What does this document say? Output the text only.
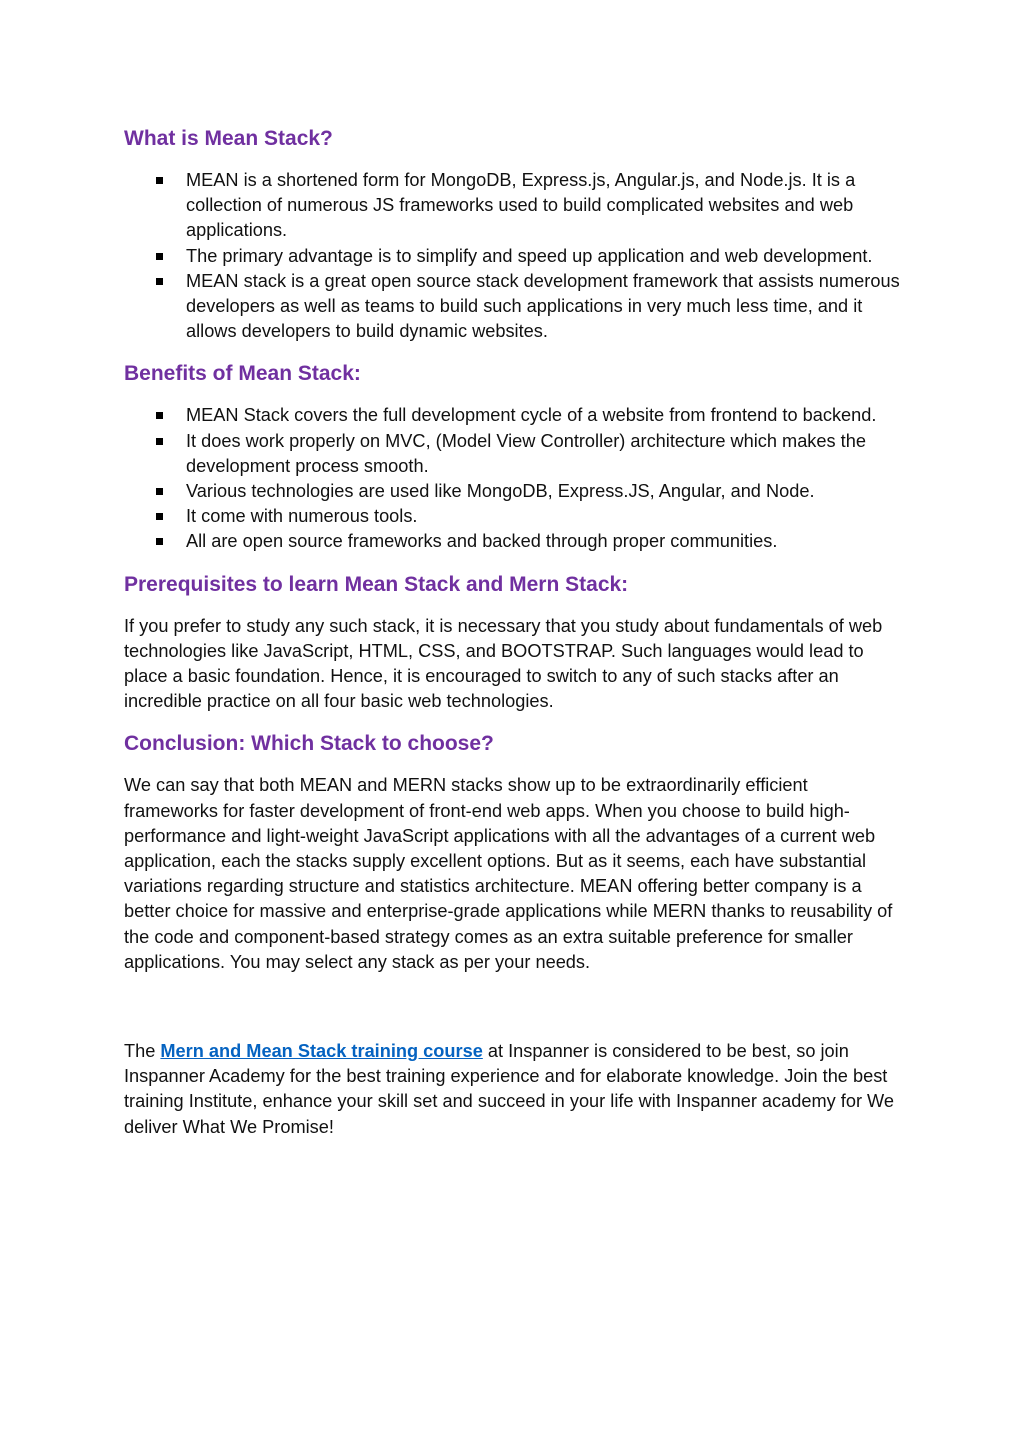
What is Mean Stack?
MEAN is a shortened form for MongoDB, Express.js, Angular.js, and Node.js. It is a collection of numerous JS frameworks used to build complicated websites and web applications.
The primary advantage is to simplify and speed up application and web development.
MEAN stack is a great open source stack development framework that assists numerous developers as well as teams to build such applications in very much less time, and it allows developers to build dynamic websites.
Benefits of Mean Stack:
MEAN Stack covers the full development cycle of a website from frontend to backend.
It does work properly on MVC, (Model View Controller) architecture which makes the development process smooth.
Various technologies are used like MongoDB, Express.JS, Angular, and Node.
It come with numerous tools.
All are open source frameworks and backed through proper communities.
Prerequisites to learn Mean Stack and Mern Stack:

If you prefer to study any such stack, it is necessary that you study about fundamentals of web technologies like JavaScript, HTML, CSS, and BOOTSTRAP. Such languages would lead to place a basic foundation. Hence, it is encouraged to switch to any of such stacks after an incredible practice on all four basic web technologies.

Conclusion: Which Stack to choose?

We can say that both MEAN and MERN stacks show up to be extraordinarily efficient frameworks for faster development of front-end web apps. When you choose to build high-performance and light-weight JavaScript applications with all the advantages of a current web application, each the stacks supply excellent options. But as it seems, each have substantial variations regarding structure and statistics architecture. MEAN offering better company is a better choice for massive and enterprise-grade applications while MERN thanks to reusability of the code and component-based strategy comes as an extra suitable preference for smaller applications. You may select any stack as per your needs.

The Mern and Mean Stack training course at Inspanner is considered to be best, so join Inspanner Academy for the best training experience and for elaborate knowledge. Join the best training Institute, enhance your skill set and succeed in your life with Inspanner academy for We deliver What We Promise!
